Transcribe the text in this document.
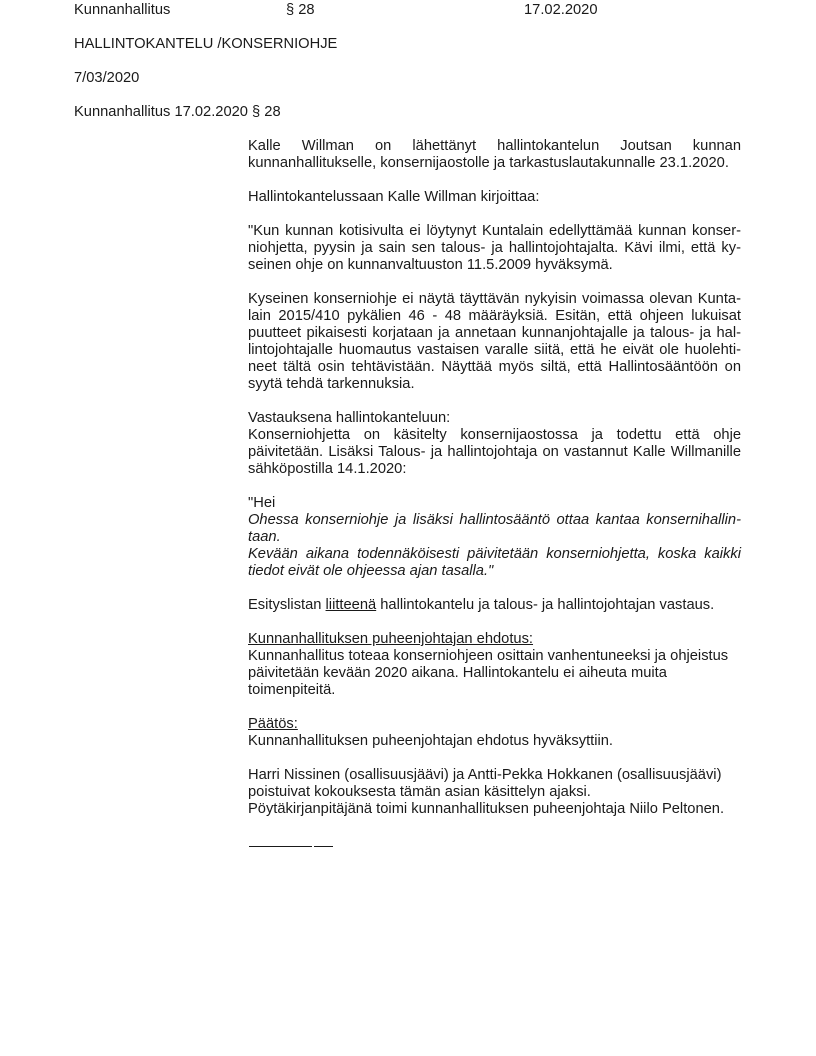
Kunnanhallitus	§ 28	17.02.2020
HALLINTOKANTELU /KONSERNIOHJE
7/03/2020
Kunnanhallitus 17.02.2020 § 28
Kalle Willman on lähettänyt hallintokantelun Joutsan kunnan
kunnanhallitukselle, konsernijaostolle ja tarkastuslautakunnalle 23.1.2020.
Hallintokantelussaan Kalle Willman kirjoittaa:
"Kun kunnan kotisivulta ei löytynyt Kuntalain edellyttämää kunnan konser-
niohjetta, pyysin ja sain sen talous- ja hallintojohtajalta. Kävi ilmi, että ky-
seinen ohje on kunnanvaltuuston 11.5.2009 hyväksymä.
Kyseinen konserniohje ei näytä täyttävän nykyisin voimassa olevan Kunta-
lain 2015/410 pykälien 46 - 48 määräyksiä. Esitän, että ohjeen lukuisat
puutteet pikaisesti korjataan ja annetaan kunnanjohtajalle ja talous- ja hal-
lintojohtajalle huomautus vastaisen varalle siitä, että he eivät ole huolehti-
neet tältä osin tehtävistään. Näyttää myös siltä, että Hallintosääntöön on
syytä tehdä tarkennuksia.
Vastauksena hallintokanteluun:
Konserniohjetta on käsitelty konsernijaostossa ja todettu että ohje
päivitetään. Lisäksi Talous- ja hallintojohtaja on vastannut Kalle Willmanille
sähköpostilla 14.1.2020:
"Hei
Ohessa konserniohje ja lisäksi hallintosääntö ottaa kantaa konsernihallin-
taan.
Kevään aikana todennäköisesti päivitetään konserniohjetta, koska kaikki
tiedot eivät ole ohjeessa ajan tasalla."
Esityslistan liitteenä hallintokantelu ja talous- ja hallintojohtajan vastaus.
Kunnanhallituksen puheenjohtajan ehdotus:
Kunnanhallitus toteaa konserniohjeen osittain vanhentuneeksi ja ohjeistus
päivitetään kevään 2020 aikana. Hallintokantelu ei aiheuta muita
toimenpiteitä.
Päätös:
Kunnanhallituksen puheenjohtajan ehdotus hyväksyttiin.
Harri Nissinen (osallisuusjäävi) ja Antti-Pekka Hokkanen (osallisuusjäävi)
poistuivat kokouksesta tämän asian käsittelyn ajaksi.
Pöytäkirjanpitäjänä toimi kunnanhallituksen puheenjohtaja Niilo Peltonen.
